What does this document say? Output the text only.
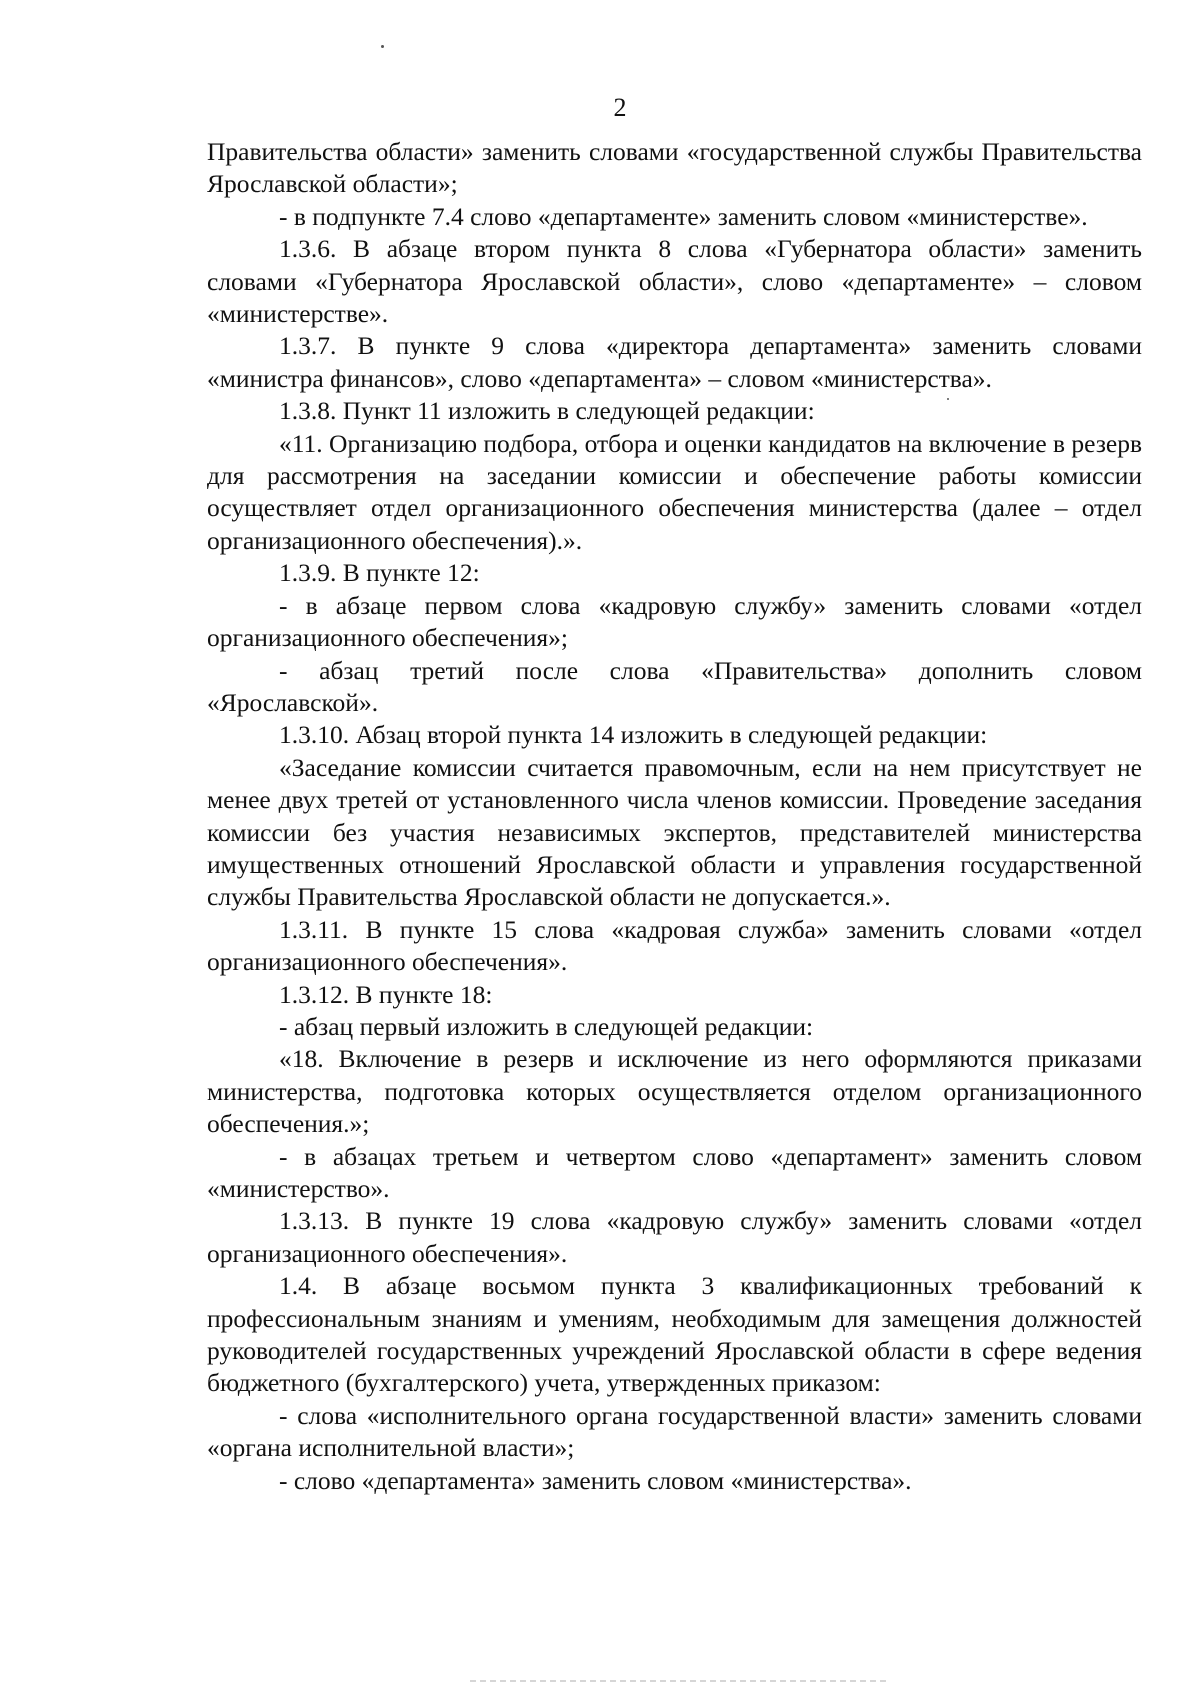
2

Правительства области» заменить словами «государственной службы Правительства Ярославской области»;

- в подпункте 7.4 слово «департаменте» заменить словом «министерстве».

1.3.6. В абзаце втором пункта 8 слова «Губернатора области» заменить словами «Губернатора Ярославской области», слово «департаменте» – словом «министерстве».

1.3.7. В пункте 9 слова «директора департамента» заменить словами «министра финансов», слово «департамента» – словом «министерства».

1.3.8. Пункт 11 изложить в следующей редакции:

«11. Организацию подбора, отбора и оценки кандидатов на включение в резерв для рассмотрения на заседании комиссии и обеспечение работы комиссии осуществляет отдел организационного обеспечения министерства (далее – отдел организационного обеспечения).».

1.3.9. В пункте 12:

- в абзаце первом слова «кадровую службу» заменить словами «отдел организационного обеспечения»;

- абзац третий после слова «Правительства» дополнить словом «Ярославской».

1.3.10. Абзац второй пункта 14 изложить в следующей редакции:

«Заседание комиссии считается правомочным, если на нем присутствует не менее двух третей от установленного числа членов комиссии. Проведение заседания комиссии без участия независимых экспертов, представителей министерства имущественных отношений Ярославской области и управления государственной службы Правительства Ярославской области не допускается.».

1.3.11. В пункте 15 слова «кадровая служба» заменить словами «отдел организационного обеспечения».

1.3.12. В пункте 18:

- абзац первый изложить в следующей редакции:

«18. Включение в резерв и исключение из него оформляются приказами министерства, подготовка которых осуществляется отделом организационного обеспечения.»;

- в абзацах третьем и четвертом слово «департамент» заменить словом «министерство».

1.3.13. В пункте 19 слова «кадровую службу» заменить словами «отдел организационного обеспечения».

1.4. В абзаце восьмом пункта 3 квалификационных требований к профессиональным знаниям и умениям, необходимым для замещения должностей руководителей государственных учреждений Ярославской области в сфере ведения бюджетного (бухгалтерского) учета, утвержденных приказом:

- слова «исполнительного органа государственной власти» заменить словами «органа исполнительной власти»;

- слово «департамента» заменить словом «министерства».
